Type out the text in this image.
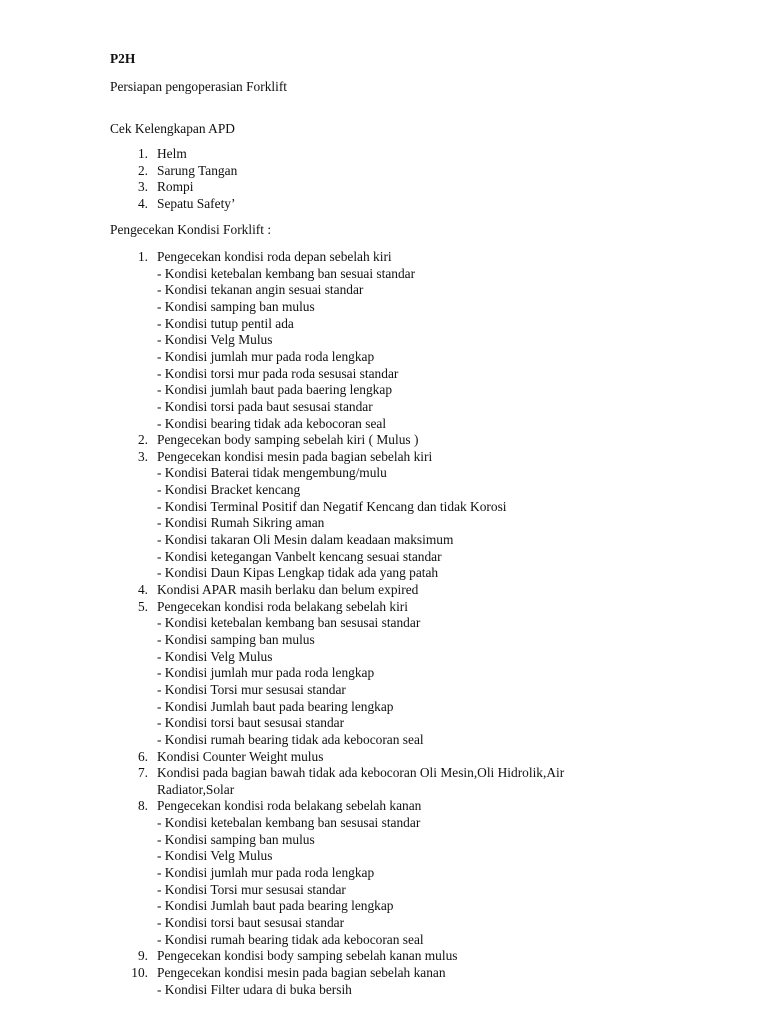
P2H
Persiapan pengoperasian Forklift
Cek Kelengkapan APD
1. Helm
2. Sarung Tangan
3. Rompi
4. Sepatu Safety’
Pengecekan Kondisi Forklift :
1. Pengecekan kondisi roda depan sebelah kiri
- Kondisi ketebalan kembang ban sesuai standar
- Kondisi tekanan angin sesuai standar
- Kondisi samping ban mulus
- Kondisi tutup pentil ada
- Kondisi Velg Mulus
- Kondisi jumlah mur pada roda lengkap
- Kondisi torsi mur pada roda sesusai standar
- Kondisi jumlah baut pada baering lengkap
- Kondisi torsi pada baut sesusai standar
- Kondisi bearing tidak ada kebocoran seal
2. Pengecekan body samping sebelah kiri ( Mulus )
3. Pengecekan kondisi mesin pada bagian sebelah kiri
- Kondisi Baterai tidak mengembung/mulu
- Kondisi Bracket kencang
- Kondisi Terminal Positif dan Negatif Kencang dan tidak Korosi
- Kondisi Rumah Sikring aman
- Kondisi takaran Oli Mesin dalam keadaan maksimum
- Kondisi ketegangan Vanbelt kencang sesuai standar
- Kondisi Daun Kipas Lengkap tidak ada yang patah
4. Kondisi APAR masih berlaku dan belum expired
5. Pengecekan kondisi roda belakang sebelah kiri
- Kondisi ketebalan kembang ban sesusai standar
- Kondisi samping ban mulus
- Kondisi Velg Mulus
- Kondisi jumlah mur pada roda lengkap
- Kondisi Torsi mur sesusai standar
- Kondisi Jumlah baut pada bearing lengkap
- Kondisi torsi baut sesusai standar
- Kondisi rumah bearing tidak ada kebocoran seal
6. Kondisi Counter Weight mulus
7. Kondisi pada bagian bawah tidak ada kebocoran Oli Mesin,Oli Hidrolik,Air
Radiator,Solar
8. Pengecekan kondisi roda belakang sebelah kanan
- Kondisi ketebalan kembang ban sesusai standar
- Kondisi samping ban mulus
- Kondisi Velg Mulus
- Kondisi jumlah mur pada roda lengkap
- Kondisi Torsi mur sesusai standar
- Kondisi Jumlah baut pada bearing lengkap
- Kondisi torsi baut sesusai standar
- Kondisi rumah bearing tidak ada kebocoran seal
9. Pengecekan kondisi body samping sebelah kanan mulus
10. Pengecekan kondisi mesin pada bagian sebelah kanan
- Kondisi Filter udara di buka bersih
